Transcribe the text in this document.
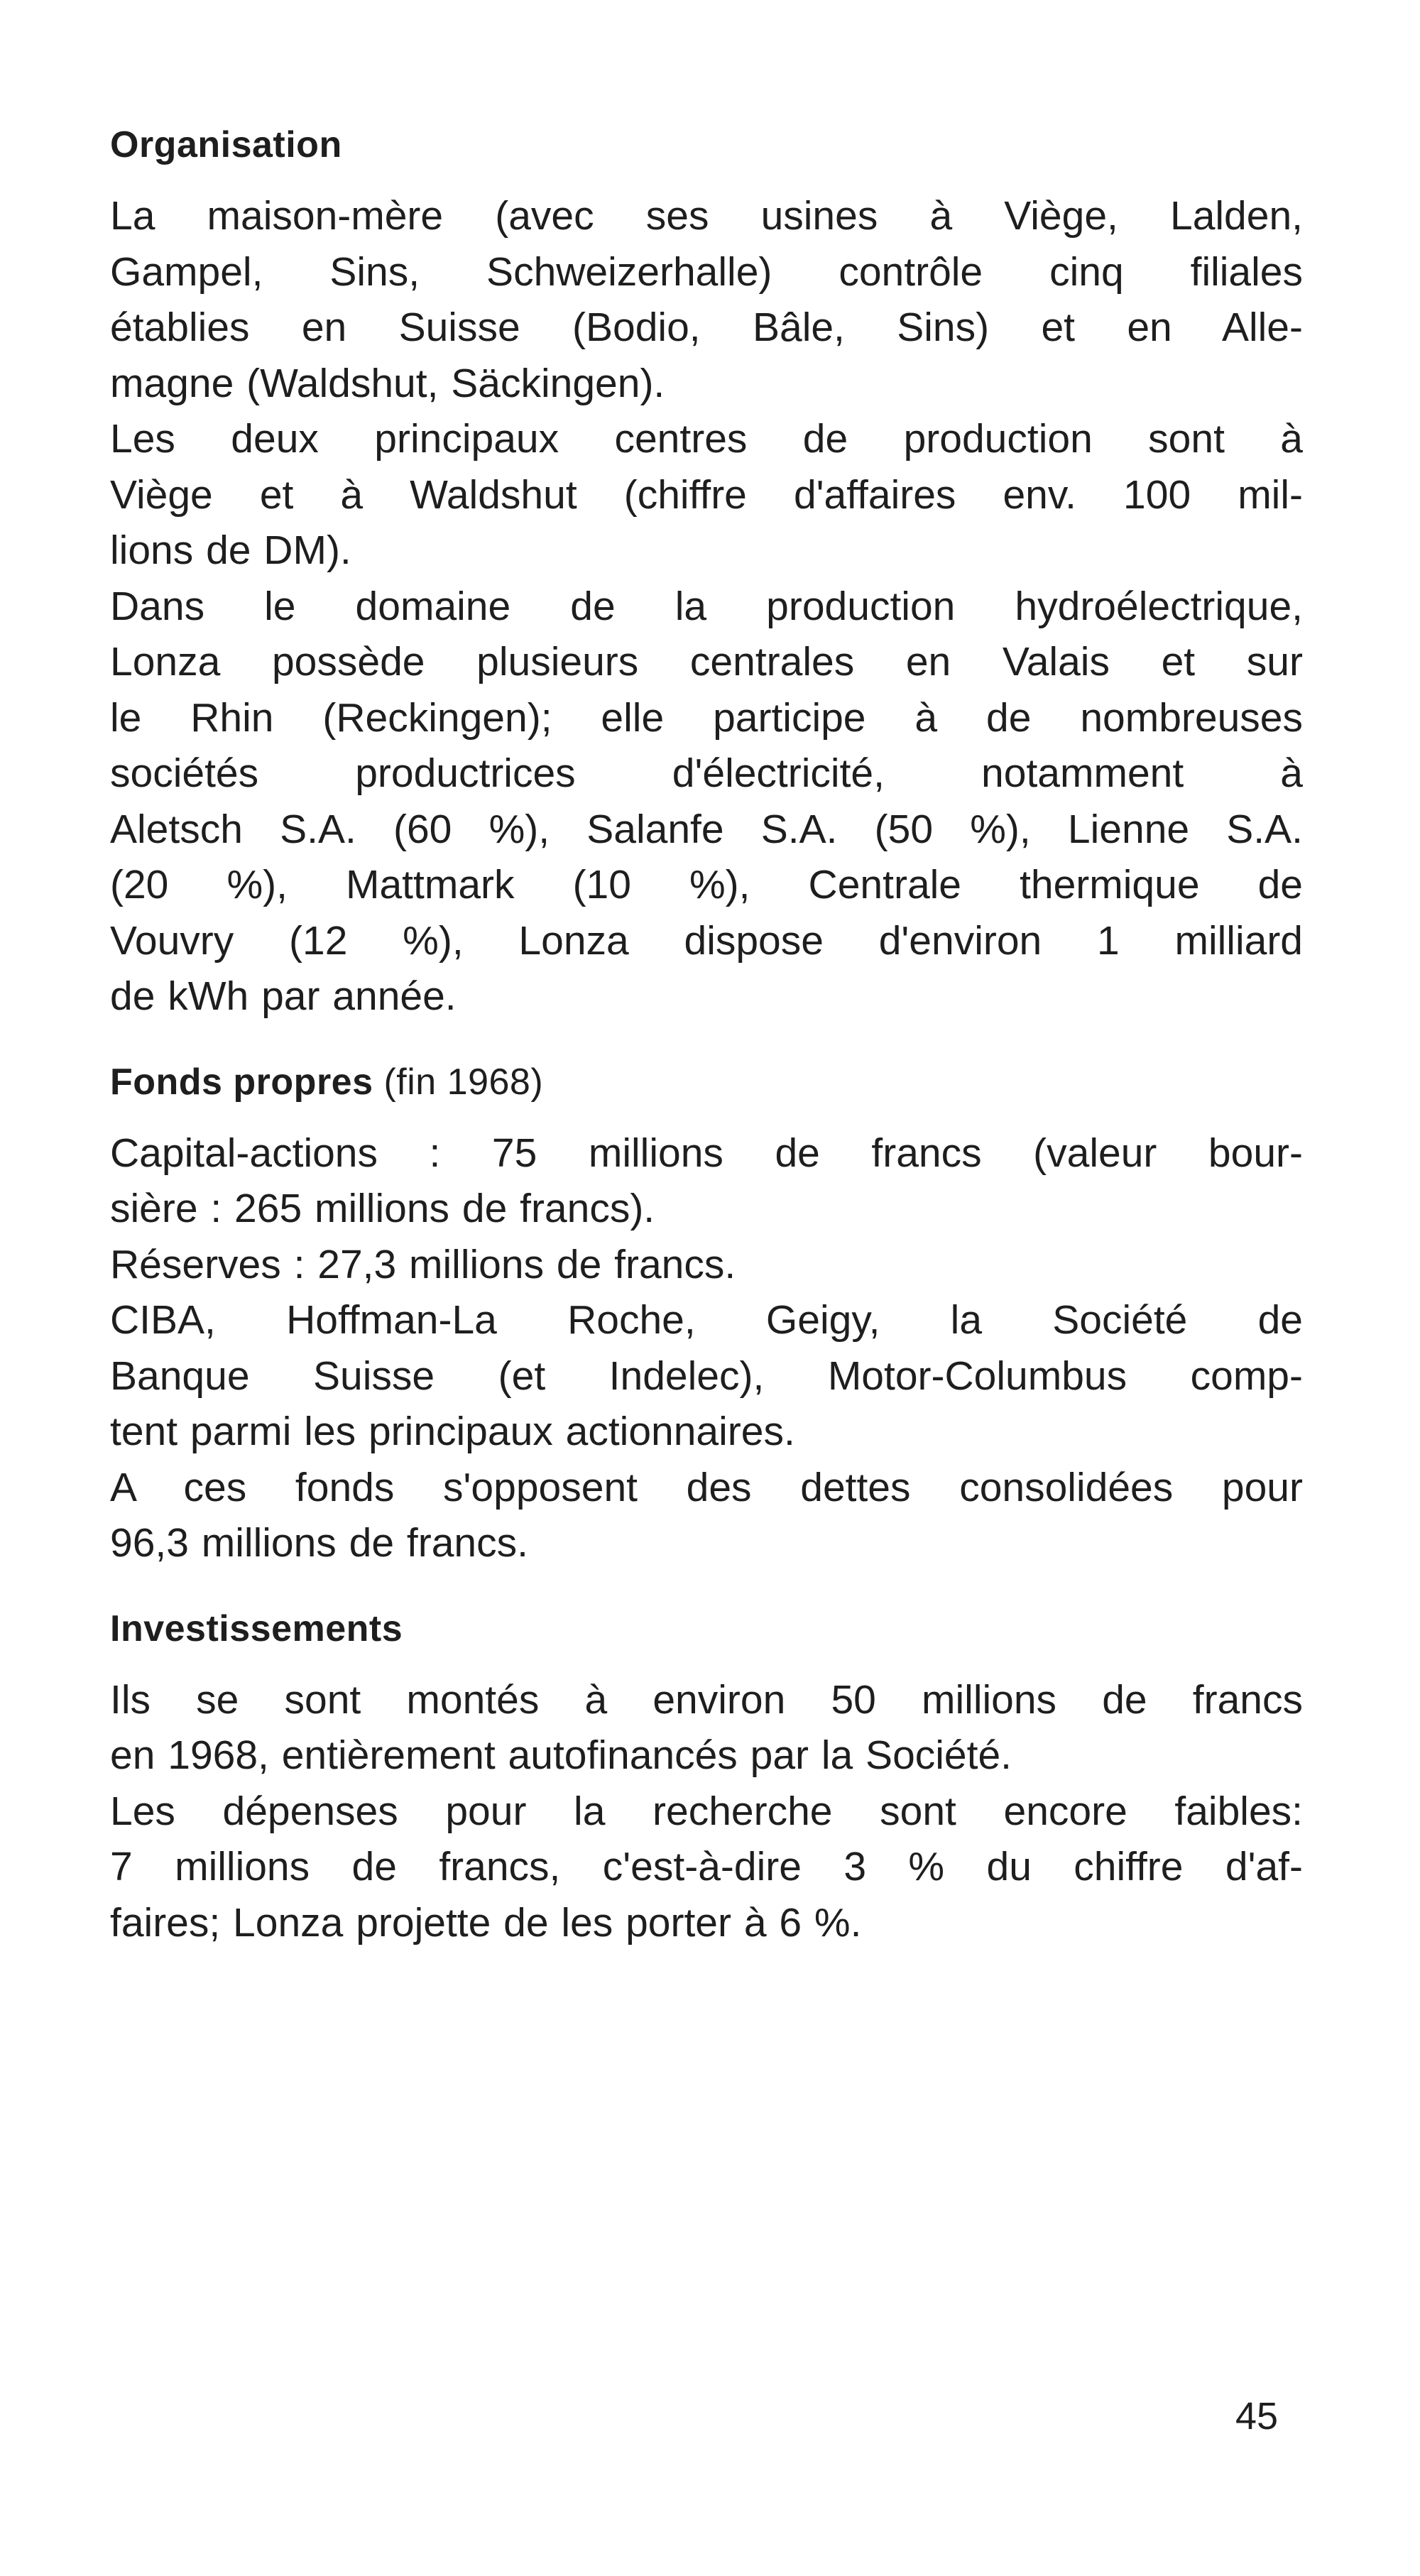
Organisation

La maison-mère (avec ses usines à Viège, Lalden,
Gampel, Sins, Schweizerhalle) contrôle cinq filiales
établies en Suisse (Bodio, Bâle, Sins) et en Alle-
magne (Waldshut, Säckingen).

Les deux principaux centres de production sont à
Viège et à Waldshut (chiffre d'affaires env. 100 mil-
lions de DM).

Dans le domaine de la production hydroélectrique,
Lonza possède plusieurs centrales en Valais et sur
le Rhin (Reckingen); elle participe à de nombreuses
sociétés productrices d'électricité, notamment à
Aletsch S.A. (60 %), Salanfe S.A. (50 %), Lienne S.A.
(20 %), Mattmark (10 %), Centrale thermique de
Vouvry (12 %), Lonza dispose d'environ 1 milliard
de kWh par année.

Fonds propres (fin 1968)

Capital-actions : 75 millions de francs (valeur bour-
sière : 265 millions de francs).

Réserves : 27,3 millions de francs.

CIBA, Hoffman-La Roche, Geigy, la Société de
Banque Suisse (et Indelec), Motor-Columbus comp-
tent parmi les principaux actionnaires.

A ces fonds s'opposent des dettes consolidées pour
96,3 millions de francs.

Investissements

Ils se sont montés à environ 50 millions de francs
en 1968, entièrement autofinancés par la Société.

Les dépenses pour la recherche sont encore faibles:
7 millions de francs, c'est-à-dire 3 % du chiffre d'af-
faires; Lonza projette de les porter à 6 %.

45
